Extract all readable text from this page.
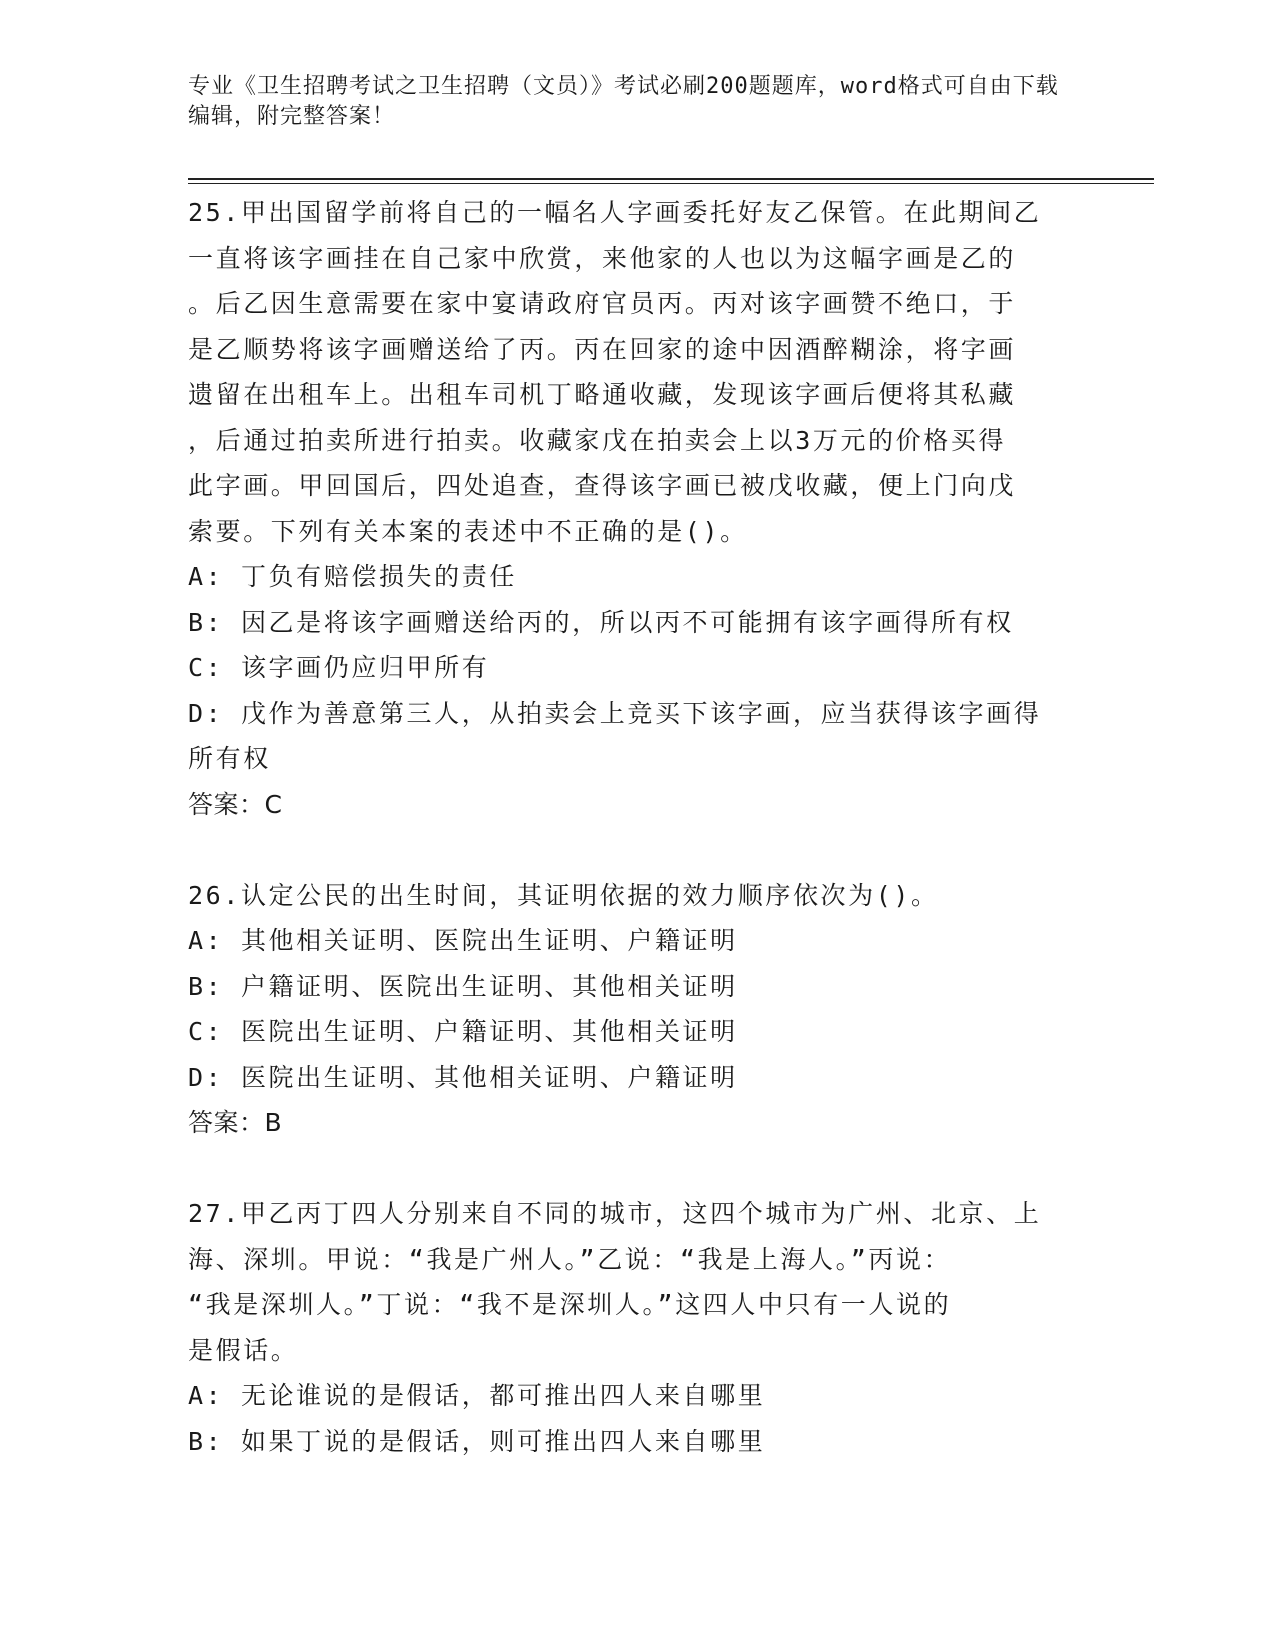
专业《卫生招聘考试之卫生招聘（文员）》考试必刷200题题库，word格式可自由下载编辑，附完整答案！
25.甲出国留学前将自己的一幅名人字画委托好友乙保管。在此期间乙
一直将该字画挂在自己家中欣赏，来他家的人也以为这幅字画是乙的
。后乙因生意需要在家中宴请政府官员丙。丙对该字画赞不绝口，于
是乙顺势将该字画赠送给了丙。丙在回家的途中因酒醉糊涂，将字画
遗留在出租车上。出租车司机丁略通收藏，发现该字画后便将其私藏
，后通过拍卖所进行拍卖。收藏家戊在拍卖会上以3万元的价格买得
此字画。甲回国后，四处追查，查得该字画已被戊收藏，便上门向戊
索要。下列有关本案的表述中不正确的是()。
A: 丁负有赔偿损失的责任
B: 因乙是将该字画赠送给丙的，所以丙不可能拥有该字画得所有权
C: 该字画仍应归甲所有
D: 戊作为善意第三人，从拍卖会上竞买下该字画，应当获得该字画得
所有权
答案：C
26.认定公民的出生时间，其证明依据的效力顺序依次为()。
A: 其他相关证明、医院出生证明、户籍证明
B: 户籍证明、医院出生证明、其他相关证明
C: 医院出生证明、户籍证明、其他相关证明
D: 医院出生证明、其他相关证明、户籍证明
答案：B
27.甲乙丙丁四人分别来自不同的城市，这四个城市为广州、北京、上
海、深圳。甲说：“我是广州人。”乙说：“我是上海人。”丙说：
“我是深圳人。”丁说：“我不是深圳人。”这四人中只有一人说的
是假话。
A: 无论谁说的是假话，都可推出四人来自哪里
B: 如果丁说的是假话，则可推出四人来自哪里
